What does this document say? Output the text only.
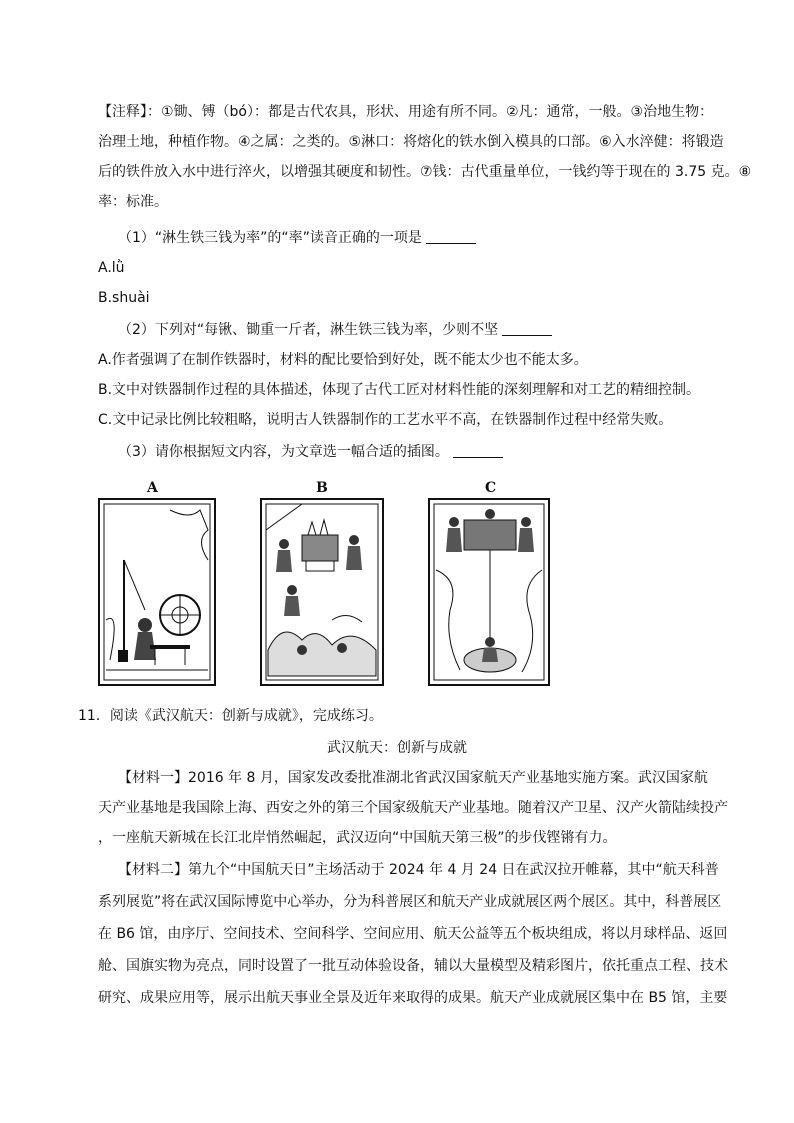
【注释】：①锄、镈（bó）：都是古代农具，形状、用途有所不同。②凡：通常，一般。③治地生物：
治理土地，种植作物。④之属：之类的。⑤淋口：将熔化的铁水倒入模具的口部。⑥入水淬健：将锻造
后的铁件放入水中进行淬火，以增强其硬度和韧性。⑦钱：古代重量单位，一钱约等于现在的 3.75 克。⑧
率：标准。
（1）“淋生铁三钱为率”的“率”读音正确的一项是
A.lǜ
B.shuài
（2）下列对“每锹、锄重一斤者，淋生铁三钱为率，少则不坚
A.作者强调了在制作铁器时，材料的配比要恰到好处，既不能太少也不能太多。
B.文中对铁器制作过程的具体描述，体现了古代工匠对材料性能的深刻理解和对工艺的精细控制。
C.文中记录比例比较粗略，说明古人铁器制作的工艺水平不高，在铁器制作过程中经常失败。
（3）请你根据短文内容，为文章选一幅合适的插图。
A	B	C
11．阅读《武汉航天：创新与成就》，完成练习。
武汉航天：创新与成就
【材料一】2016 年 8 月，国家发改委批准湖北省武汉国家航天产业基地实施方案。武汉国家航
天产业基地是我国除上海、西安之外的第三个国家级航天产业基地。随着汉产卫星、汉产火箭陆续投产
，一座航天新城在长江北岸悄然崛起，武汉迈向“中国航天第三极”的步伐铿锵有力。
【材料二】第九个“中国航天日”主场活动于 2024 年 4 月 24 日在武汉拉开帷幕，其中“航天科普
系列展览”将在武汉国际博览中心举办，分为科普展区和航天产业成就展区两个展区。其中，科普展区
在 B6 馆，由序厅、空间技术、空间科学、空间应用、航天公益等五个板块组成，将以月球样品、返回
舱、国旗实物为亮点，同时设置了一批互动体验设备，辅以大量模型及精彩图片，依托重点工程、技术
研究、成果应用等，展示出航天事业全景及近年来取得的成果。航天产业成就展区集中在 B5 馆，主要
